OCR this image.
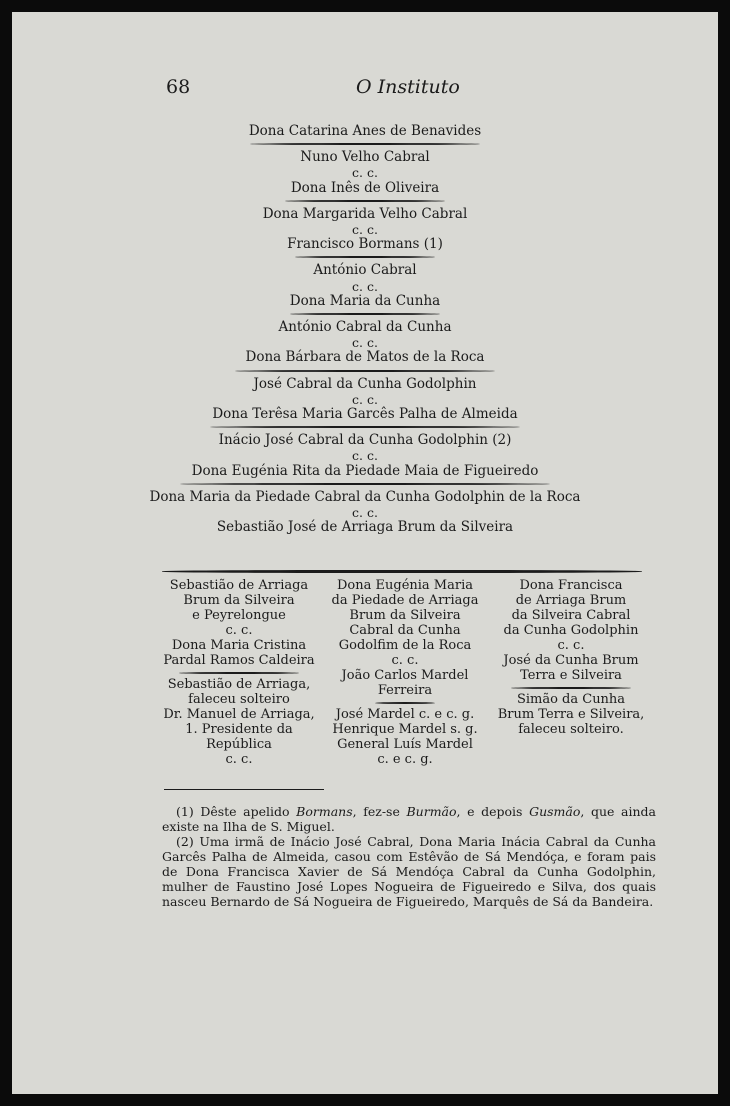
68	O Instituto
Dona Catarina Anes de Benavides
Nuno Velho Cabral
c. c.
Dona Inês de Oliveira
Dona Margarida Velho Cabral
c. c.
Francisco Bormans (1)
António Cabral
c. c.
Dona Maria da Cunha
António Cabral da Cunha
c. c.
Dona Bárbara de Matos de la Roca
José Cabral da Cunha Godolphin
c. c.
Dona Terêsa Maria Garcês Palha de Almeida
Inácio José Cabral da Cunha Godolphin (2)
c. c.
Dona Eugénia Rita da Piedade Maia de Figueiredo
Dona Maria da Piedade Cabral da Cunha Godolphin de la Roca
c. c.
Sebastião José de Arriaga Brum da Silveira
Sebastião de Arriaga
Brum da Silveira
e Peyrelongue
c. c.
Dona Maria Cristina
Pardal Ramos Caldeira
Sebastião de Arriaga,
faleceu solteiro
Dr. Manuel de Arriaga,
1. Presidente da
República
c. c.
Dona Eugénia Maria
da Piedade de Arriaga
Brum da Silveira
Cabral da Cunha
Godolfim de la Roca
c. c.
João Carlos Mardel
Ferreira
José Mardel c. e c. g.
Henrique Mardel s. g.
General Luís Mardel
c. e c. g.
Dona Francisca
de Arriaga Brum
da Silveira Cabral
da Cunha Godolphin
c. c.
José da Cunha Brum
Terra e Silveira
Simão da Cunha
Brum Terra e Silveira,
faleceu solteiro.

(1) Dêste apelido Bormans, fez-se Burmão, e depois Gusmão, que ainda existe na Ilha de S. Miguel.

(2) Uma irmã de Inácio José Cabral, Dona Maria Inácia Cabral da Cunha Garcês Palha de Almeida, casou com Estêvão de Sá Mendóça, e foram pais de Dona Francisca Xavier de Sá Mendóça Cabral da Cunha Godolphin, mulher de Faustino José Lopes Nogueira de Figueiredo e Silva, dos quais nasceu Bernardo de Sá Nogueira de Figueiredo, Marquês de Sá da Bandeira.
